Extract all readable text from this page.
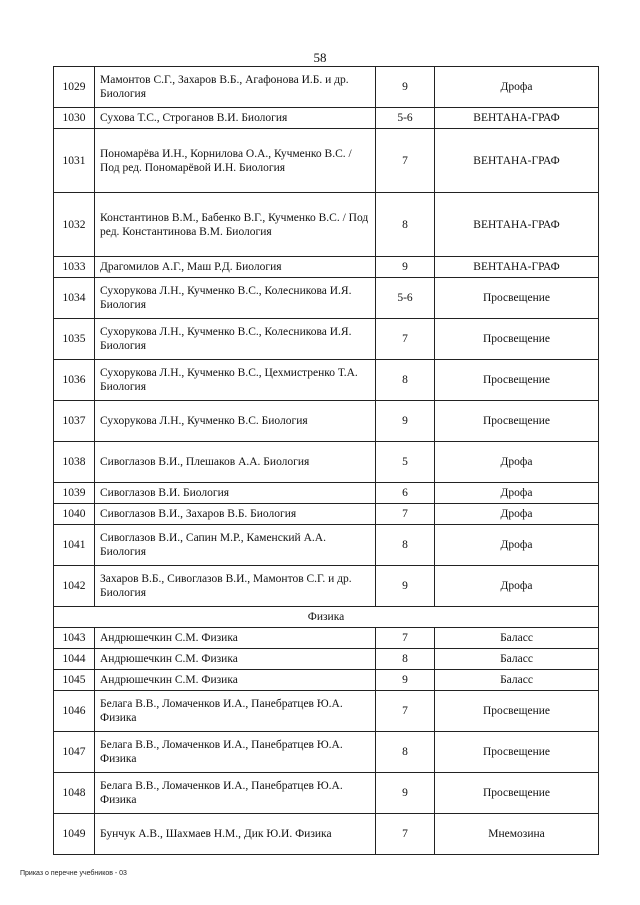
58
1029	Мамонтов С.Г., Захаров В.Б., Агафонова И.Б. и др. Биология	9	Дрофа
1030	Сухова Т.С., Строганов В.И. Биология	5-6	ВЕНТАНА-ГРАФ
1031	Пономарёва И.Н., Корнилова О.А., Кучменко В.С. / Под ред. Пономарёвой И.Н. Биология	7	ВЕНТАНА-ГРАФ
1032	Константинов В.М., Бабенко В.Г., Кучменко В.С. / Под ред. Константинова В.М. Биология	8	ВЕНТАНА-ГРАФ
1033	Драгомилов А.Г., Маш Р.Д. Биология	9	ВЕНТАНА-ГРАФ
1034	Сухорукова Л.Н., Кучменко В.С., Колесникова И.Я. Биология	5-6	Просвещение
1035	Сухорукова Л.Н., Кучменко В.С., Колесникова И.Я. Биология	7	Просвещение
1036	Сухорукова Л.Н., Кучменко В.С., Цехмистренко Т.А. Биология	8	Просвещение
1037	Сухорукова Л.Н., Кучменко В.С. Биология	9	Просвещение
1038	Сивоглазов В.И., Плешаков А.А. Биология	5	Дрофа
1039	Сивоглазов В.И. Биология	6	Дрофа
1040	Сивоглазов В.И., Захаров В.Б. Биология	7	Дрофа
1041	Сивоглазов В.И., Сапин М.Р., Каменский А.А. Биология	8	Дрофа
1042	Захаров В.Б., Сивоглазов В.И., Мамонтов С.Г. и др. Биология	9	Дрофа
Физика			
1043	Андрюшечкин С.М. Физика	7	Баласс
1044	Андрюшечкин С.М. Физика	8	Баласс
1045	Андрюшечкин С.М. Физика	9	Баласс
1046	Белага В.В., Ломаченков И.А., Панебратцев Ю.А. Физика	7	Просвещение
1047	Белага В.В., Ломаченков И.А., Панебратцев Ю.А. Физика	8	Просвещение
1048	Белага В.В., Ломаченков И.А., Панебратцев Ю.А. Физика	9	Просвещение
1049	Бунчук А.В., Шахмаев Н.М., Дик Ю.И. Физика	7	Мнемозина
Приказ о перечне учебников - 03
